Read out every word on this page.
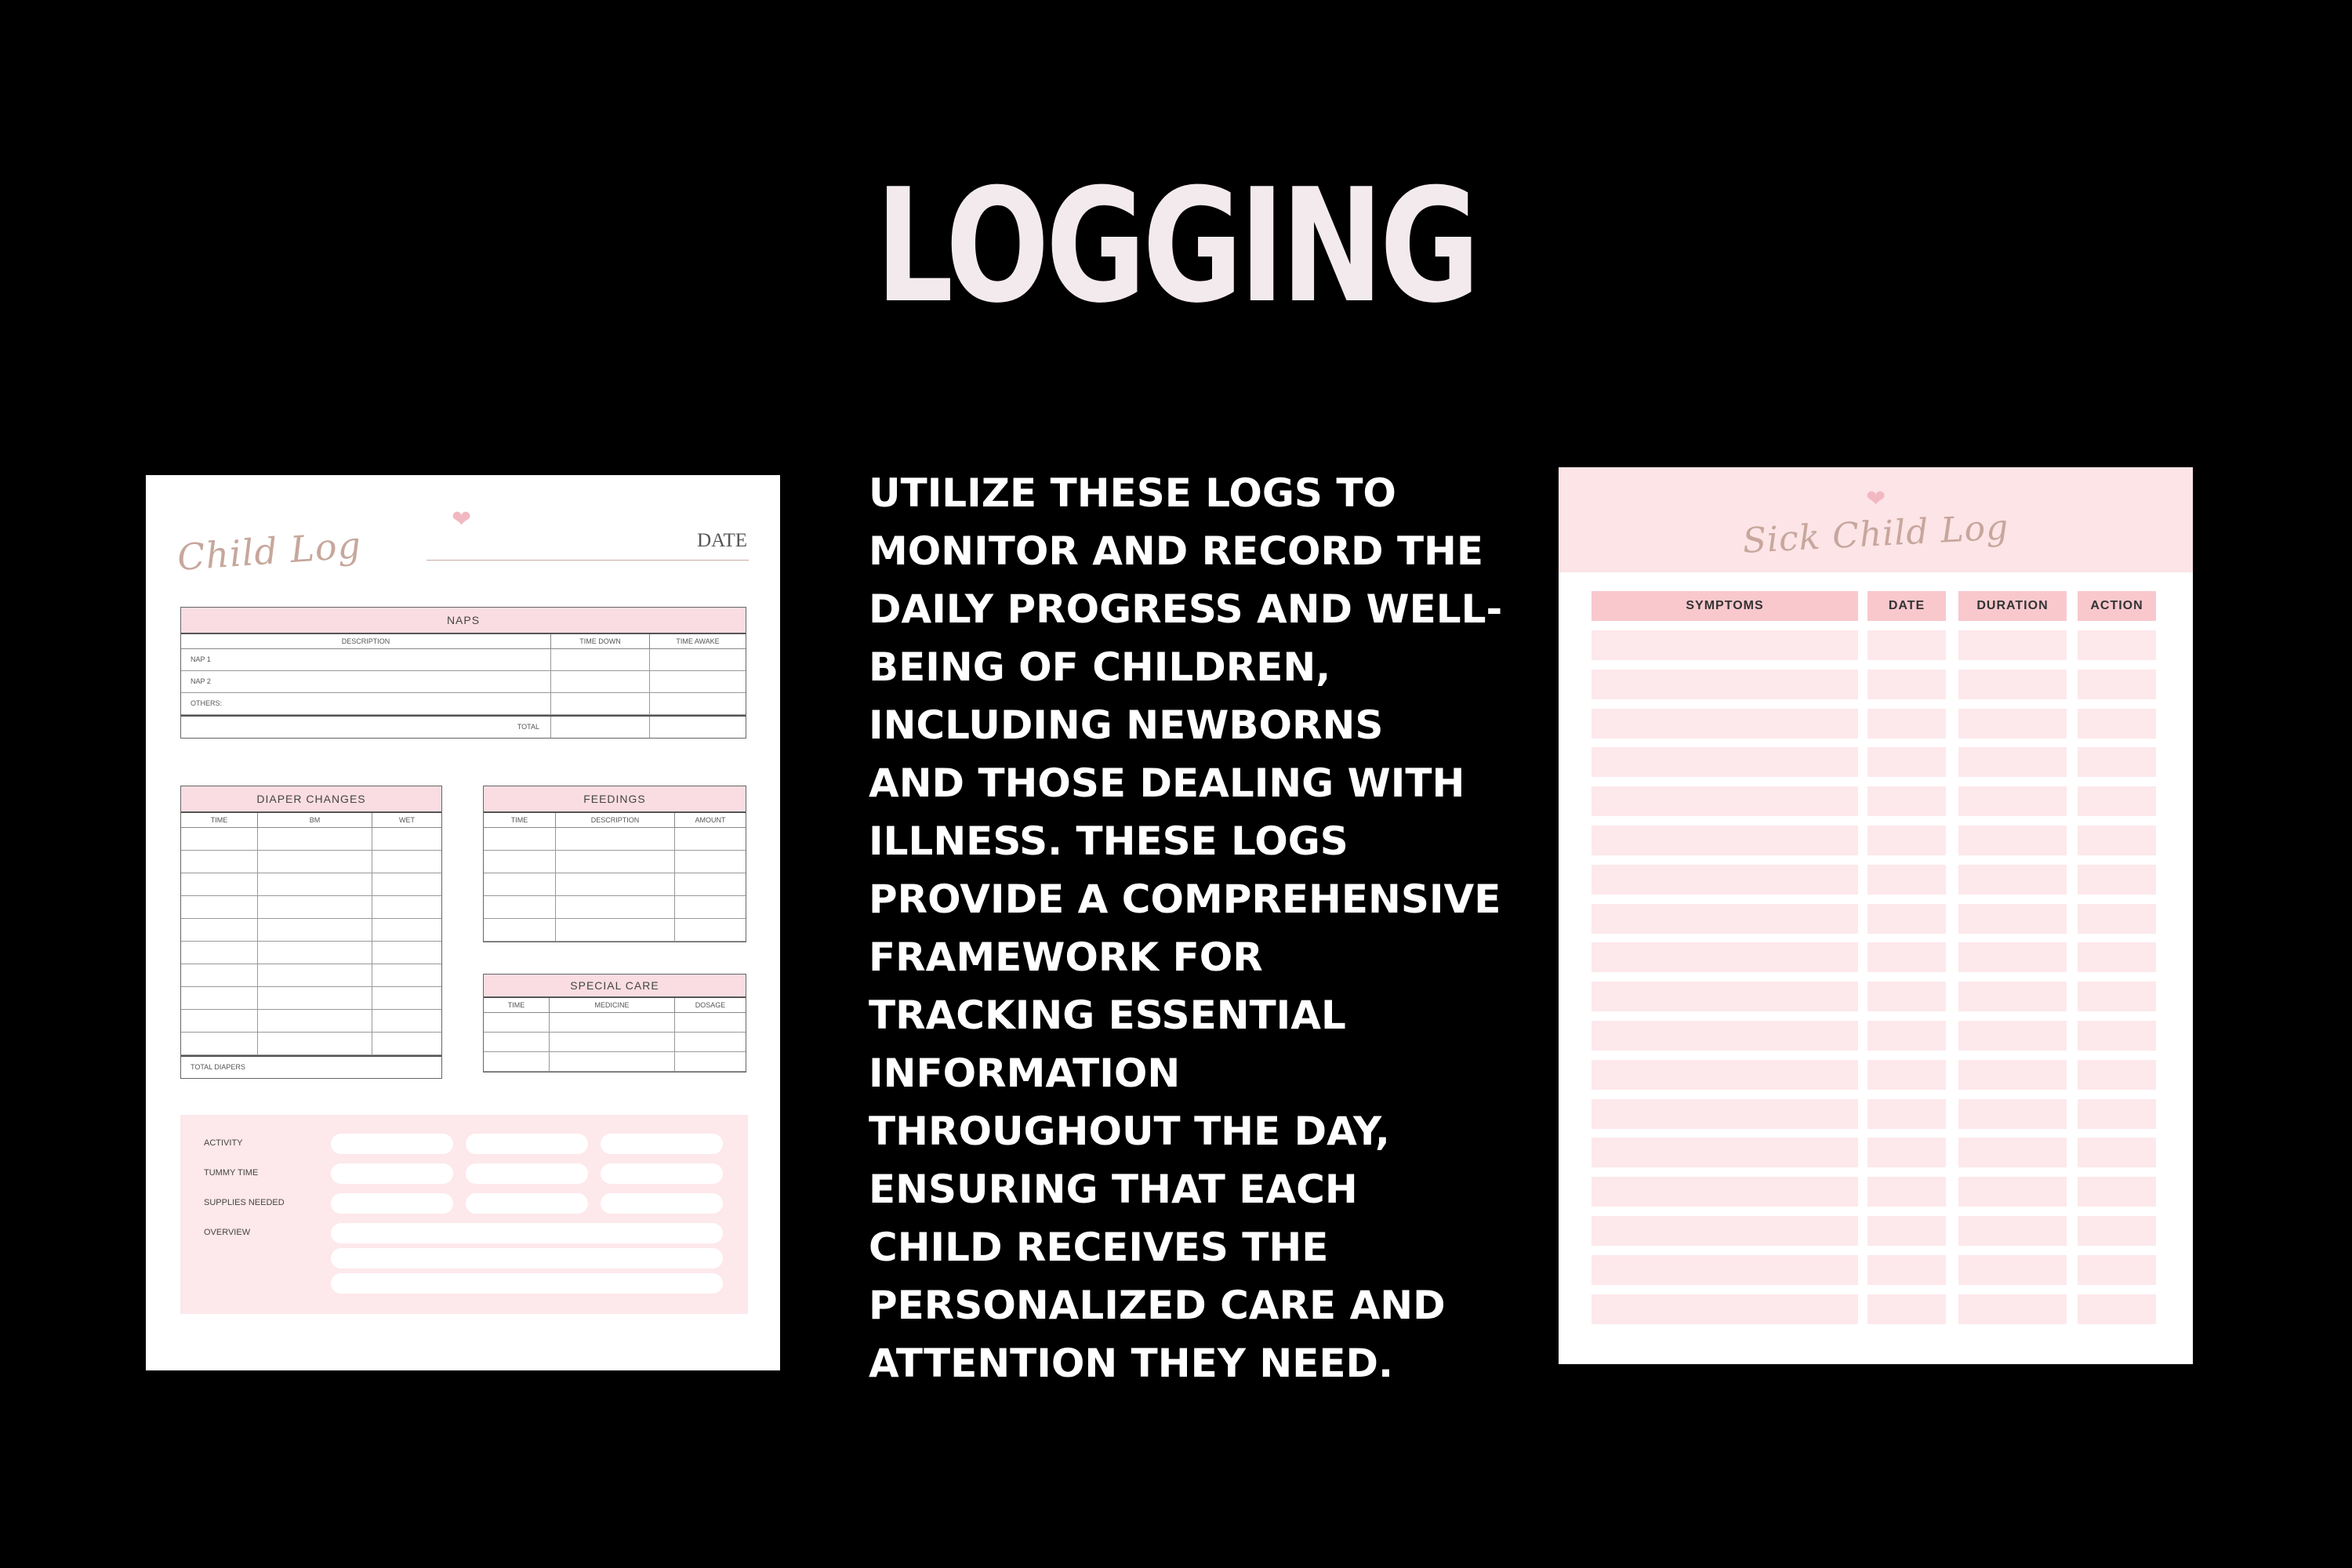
LOGGING
UTILIZE THESE LOGS TO
MONITOR AND RECORD THE
DAILY PROGRESS AND WELL-
BEING OF CHILDREN,
INCLUDING NEWBORNS
AND THOSE DEALING WITH
ILLNESS. THESE LOGS
PROVIDE A COMPREHENSIVE
FRAMEWORK FOR
TRACKING ESSENTIAL
INFORMATION
THROUGHOUT THE DAY,
ENSURING THAT EACH
CHILD RECEIVES THE
PERSONALIZED CARE AND
ATTENTION THEY NEED.
Child Log
❤
DATE
NAPS
DESCRIPTION	TIME DOWN	TIME AWAKE
NAP 1
NAP 2
OTHERS:
TOTAL
DIAPER CHANGES
TIME	BM	WET
TOTAL DIAPERS
FEEDINGS
TIME	DESCRIPTION	AMOUNT
SPECIAL CARE
TIME	MEDICINE	DOSAGE
ACTIVITY
TUMMY TIME
SUPPLIES NEEDED
OVERVIEW
❤
Sick Child Log
SYMPTOMS	DATE	DURATION	ACTION
